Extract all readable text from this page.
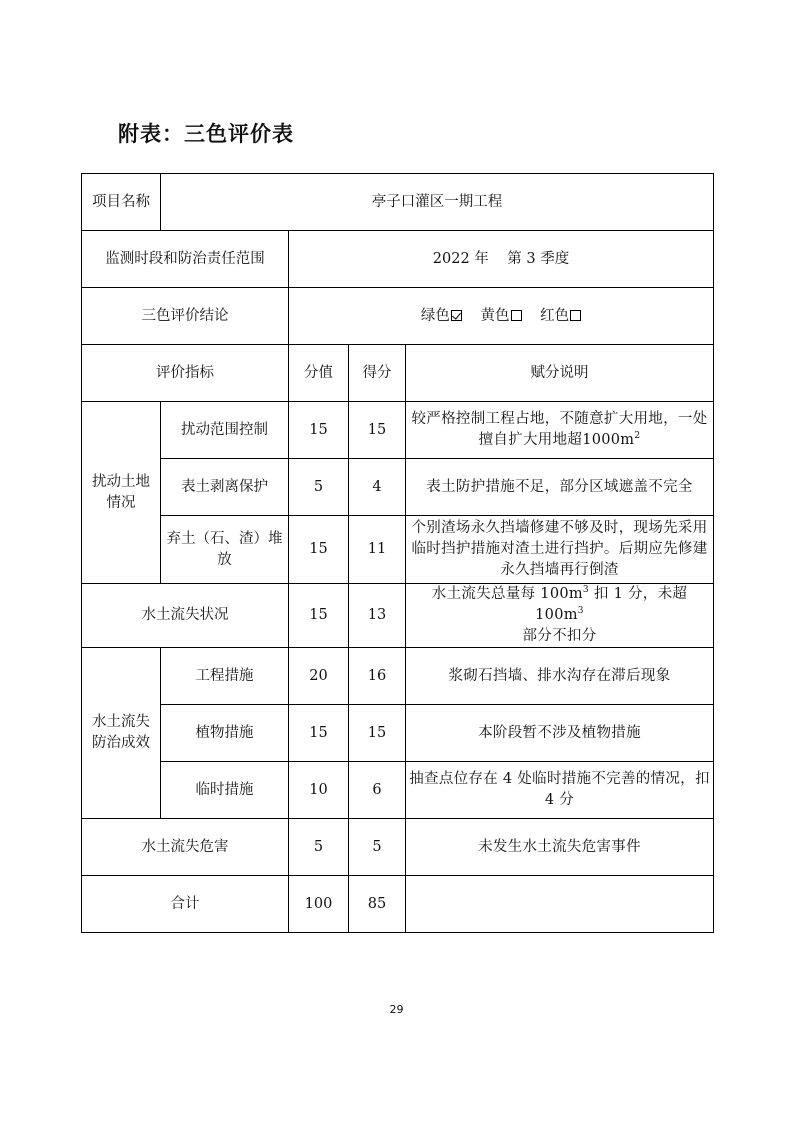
附表：三色评价表
项目名称	亭子口灌区一期工程			
监测时段和防治责任范围		2022 年 第 3 季度		
三色评价结论		绿色 黄色 红色		
评价指标		分值	得分	赋分说明
扰动土地情况	扰动范围控制	15	15	较严格控制工程占地，不随意扩大用地，一处擅自扩大用地超$1000m^2$
	表土剥离保护	5	4	表土防护措施不足，部分区域遮盖不完全
	弃土（石、渣）堆放	15	11	个别渣场永久挡墙修建不够及时，现场先采用临时挡护措施对渣土进行挡护。后期应先修建永久挡墙再行倒渣
水土流失状况		15	13	水土流失总量每 $100m^3$ 扣 1 分，未超 $100m^3$
部分不扣分
水土流失防治成效	工程措施	20	16	浆砌石挡墙、排水沟存在滞后现象
	植物措施	15	15	本阶段暂不涉及植物措施
	临时措施	10	6	抽查点位存在 4 处临时措施不完善的情况，扣 4 分
水土流失危害		5	5	未发生水土流失危害事件
合计		100	85	
29
